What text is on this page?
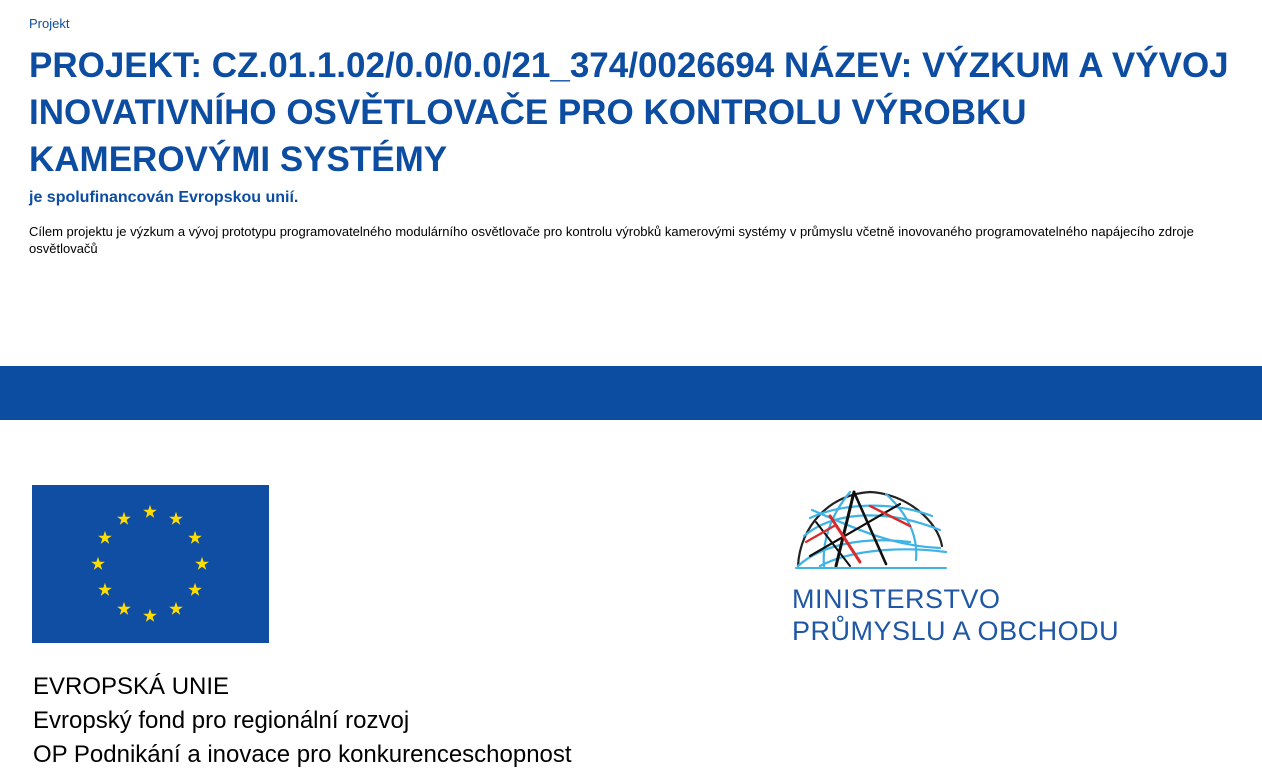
Projekt
PROJEKT: CZ.01.1.02/0.0/0.0/21_374/0026694 NÁZEV: VÝZKUM A VÝVOJ INOVATIVNÍHO OSVĚTLOVAČE PRO KONTROLU VÝROBKU KAMEROVÝMI SYSTÉMY
je spolufinancován Evropskou unií.
Cílem projektu je výzkum a vývoj prototypu programovatelného modulárního osvětlovače pro kontrolu výrobků kamerovými systémy v průmyslu včetně inovovaného programovatelného napájecího zdroje osvětlovačů
EVROPSKÁ UNIE
Evropský fond pro regionální rozvoj
OP Podnikání a inovace pro konkurenceschopnost
MINISTERSTVO
PRŮMYSLU A OBCHODU
